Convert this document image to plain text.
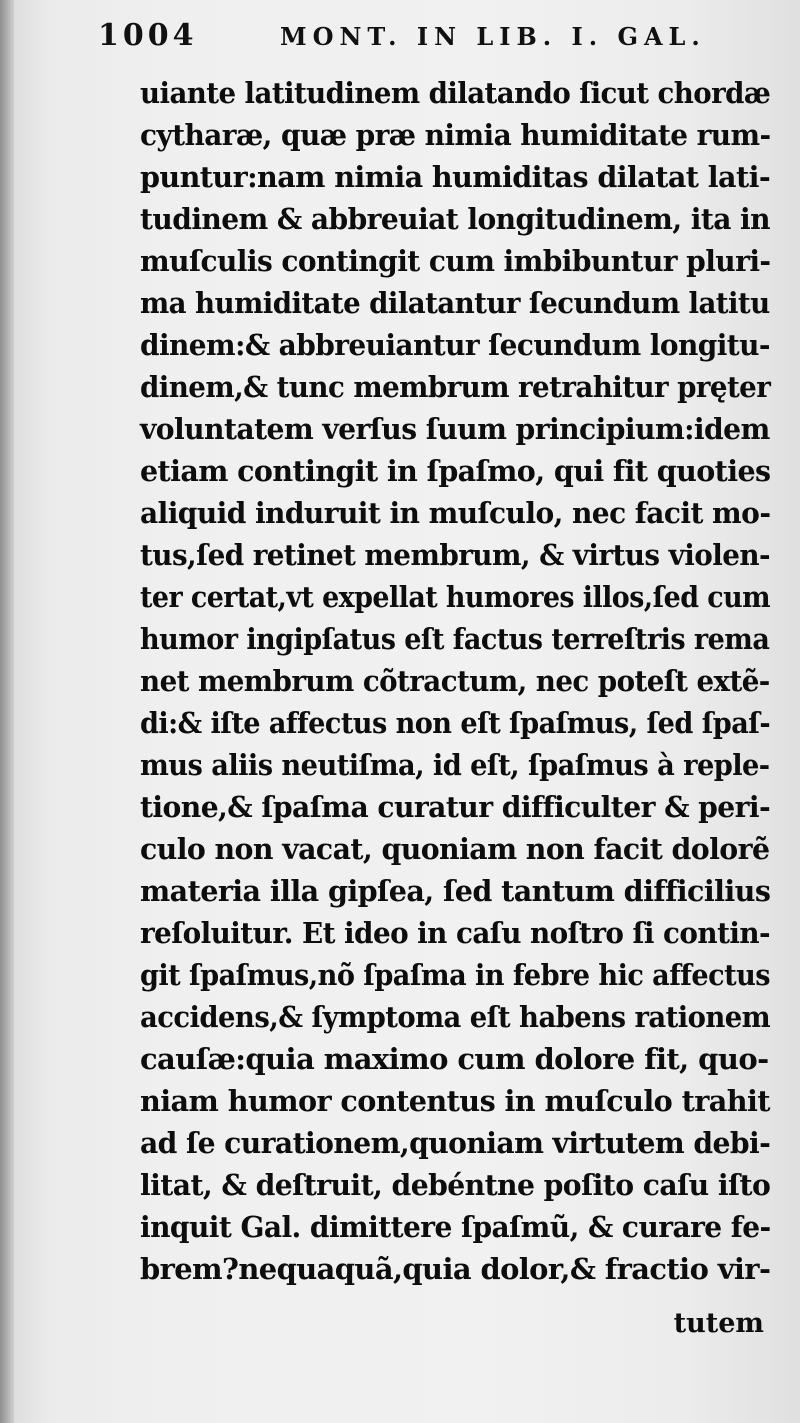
1004	MONT. IN LIB. I. GAL.
uiante latitudinem dilatando ſicut chordæ
cytharæ, quæ præ nimia humiditate rum-
puntur:nam nimia humiditas dilatat lati-
tudinem & abbreuiat longitudinem, ita in
muſculis contingit cum imbibuntur pluri-
ma humiditate dilatantur ſecundum latitu
dinem:& abbreuiantur ſecundum longitu-
dinem,& tunc membrum retrahitur prę̨ter
voluntatem verſus ſuum principium:idem
etiam contingit in ſpaſmo, qui fit quoties
aliquid induruit in muſculo, nec facit mo-
tus,ſed retinet membrum, & virtus violen-
ter certat,vt expellat humores illos,ſed cum
humor ingipſatus eſt factus terreſtris rema
net membrum cõtractum, nec poteſt extẽ-
di:& iſte affectus non eſt ſpaſmus, ſed ſpaſ-
mus aliis neutiſma, id eſt, ſpaſmus à reple-
tione,& ſpaſma curatur difficulter & peri-
culo non vacat, quoniam non facit dolorẽ
materia illa gipſea, ſed tantum difficilius
reſoluitur. Et ideo in caſu noſtro ſi contin-
git ſpaſmus,nõ ſpaſma in febre hic affectus
accidens,& ſymptoma eſt habens rationem
cauſæ:quia maximo cum dolore fit, quo-
niam humor contentus in muſculo trahit
ad ſe curationem,quoniam virtutem debi-
litat, & deſtruit, debéntne poſito caſu iſto
inquit Gal. dimittere ſpaſmũ, & curare fe-
brem?nequaquã,quia dolor,& fractio vir-
tutem
